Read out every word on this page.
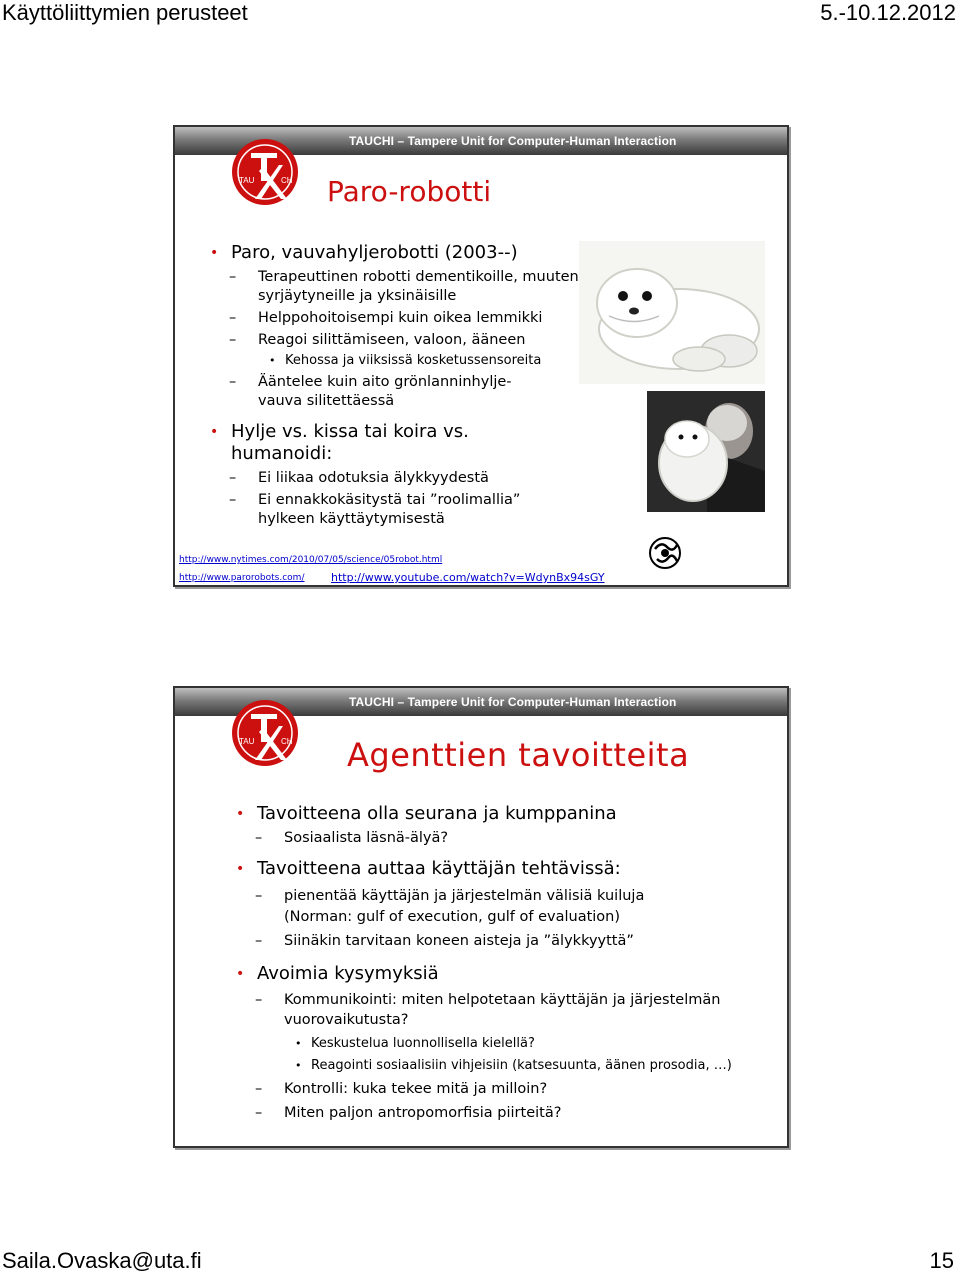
Käyttöliittymien perusteet	5.-10.12.2012
TAUCHI – Tampere Unit for Computer-Human Interaction
TAU	CH Paro-robotti
• Paro, vauvahyljerobotti (2003--)
– Terapeuttinen robotti dementikoille, muuten syrjäytyneille ja yksinäisille
– Helppohoitoisempi kuin oikea lemmikki
– Reagoi silittämiseen, valoon, ääneen
• Kehossa ja viiksissä kosketussensoreita
– Ääntelee kuin aito grönlanninhylje-vauva silitettäessä
• Hylje vs. kissa tai koira vs. humanoidi:
– Ei liikaa odotuksia älykkyydestä
– Ei ennakkokäsitystä tai ”roolimallia” hylkeen käyttäytymisestä
http://www.nytimes.com/2010/07/05/science/05robot.html
http://www.parorobots.com/ http://www.youtube.com/watch?v=WdynBx94sGY
TAUCHI – Tampere Unit for Computer-Human Interaction
TAU	CH Agenttien tavoitteita
• Tavoitteena olla seurana ja kumppanina
– Sosiaalista läsnä-älyä?
• Tavoitteena auttaa käyttäjän tehtävissä:
– pienentää käyttäjän ja järjestelmän välisiä kuiluja (Norman: gulf of execution, gulf of evaluation)
– Siinäkin tarvitaan koneen aisteja ja ”älykkyyttä”
• Avoimia kysymyksiä
– Kommunikointi: miten helpotetaan käyttäjän ja järjestelmän vuorovaikutusta?
• Keskustelua luonnollisella kielellä?
• Reagointi sosiaalisiin vihjeisiin (katsesuunta, äänen prosodia, …)
– Kontrolli: kuka tekee mitä ja milloin?
– Miten paljon antropomorfisia piirteitä?
Saila.Ovaska@uta.fi	15
